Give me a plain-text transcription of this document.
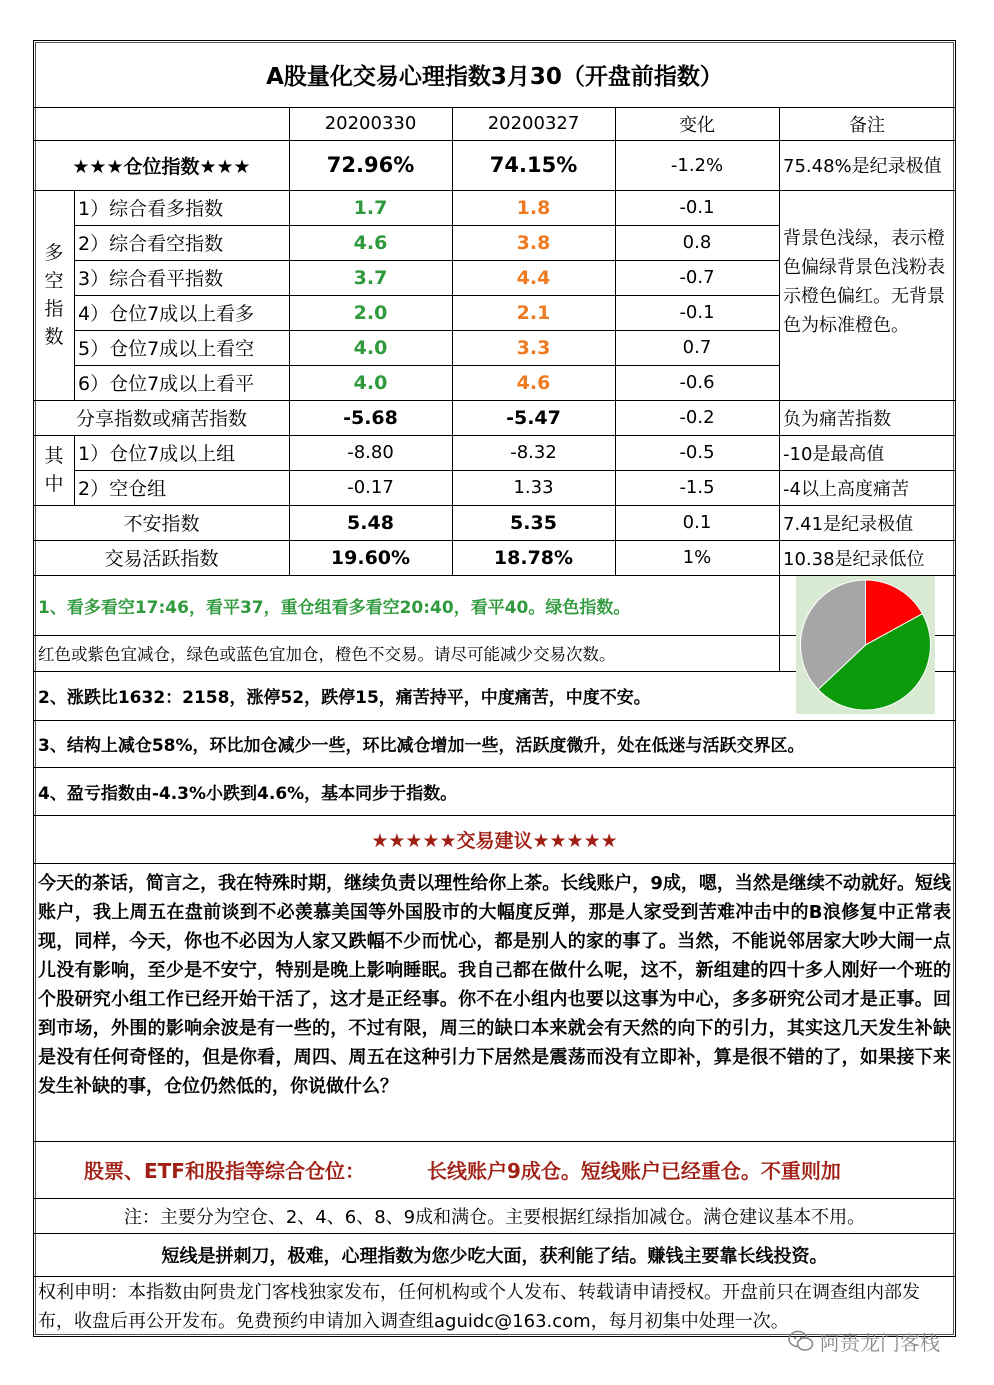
A股量化交易心理指数3月30（开盘前指数）
20200330	20200327	变化	备注
★★★仓位指数★★★	72.96%	74.15%	-1.2%	75.48%是纪录极值
多
空
指
数
1）综合看多指数	1.7	1.8	-0.1
2）综合看空指数	4.6	3.8	0.8
3）综合看平指数	3.7	4.4	-0.7
4）仓位7成以上看多	2.0	2.1	-0.1
5）仓位7成以上看空	4.0	3.3	0.7
6）仓位7成以上看平	4.0	4.6	-0.6
背景色浅绿，表示橙色偏绿背景色浅粉表示橙色偏红。无背景色为标准橙色。
分享指数或痛苦指数	-5.68	-5.47	-0.2	负为痛苦指数
其
中
1）仓位7成以上组	-8.80	-8.32	-0.5	-10是最高值
2）空仓组	-0.17	1.33	-1.5	-4以上高度痛苦
不安指数	5.48	5.35	0.1	7.41是纪录极值
交易活跃指数	19.60%	18.78%	1%	10.38是纪录低位
1、看多看空17:46，看平37，重仓组看多看空20:40，看平40。绿色指数。
红色或紫色宜减仓，绿色或蓝色宜加仓，橙色不交易。请尽可能减少交易次数。
2、涨跌比1632：2158，涨停52，跌停15，痛苦持平，中度痛苦，中度不安。
3、结构上减仓58%，环比加仓减少一些，环比减仓增加一些，活跃度微升，处在低迷与活跃交界区。
4、盈亏指数由-4.3%小跌到4.6%，基本同步于指数。
★★★★★交易建议★★★★★
今天的茶话，简言之，我在特殊时期，继续负责以理性给你上茶。长线账户，9成，嗯，当然是继续不动就好。短线账户，我上周五在盘前谈到不必羡慕美国等外国股市的大幅度反弹，那是人家受到苦难冲击中的B浪修复中正常表现，同样，今天，你也不必因为人家又跌幅不少而忧心，都是别人的家的事了。当然，不能说邻居家大吵大闹一点儿没有影响，至少是不安宁，特别是晚上影响睡眠。我自己都在做什么呢，这不，新组建的四十多人刚好一个班的个股研究小组工作已经开始干活了，这才是正经事。你不在小组内也要以这事为中心，多多研究公司才是正事。回到市场，外围的影响余波是有一些的，不过有限，周三的缺口本来就会有天然的向下的引力，其实这几天发生补缺是没有任何奇怪的，但是你看，周四、周五在这种引力下居然是震荡而没有立即补，算是很不错的了，如果接下来发生补缺的事，仓位仍然低的，你说做什么？
股票、ETF和股指等综合仓位：	长线账户9成仓。短线账户已经重仓。不重则加
注：主要分为空仓、2、4、6、8、9成和满仓。主要根据红绿指加减仓。满仓建议基本不用。
短线是拼刺刀，极难，心理指数为您少吃大面，获利能了结。赚钱主要靠长线投资。
权利申明：本指数由阿贵龙门客栈独家发布，任何机构或个人发布、转载请申请授权。开盘前只在调查组内部发布，收盘后再公开发布。免费预约申请加入调查组aguidc@163.com，每月初集中处理一次。
阿贵龙门客栈
